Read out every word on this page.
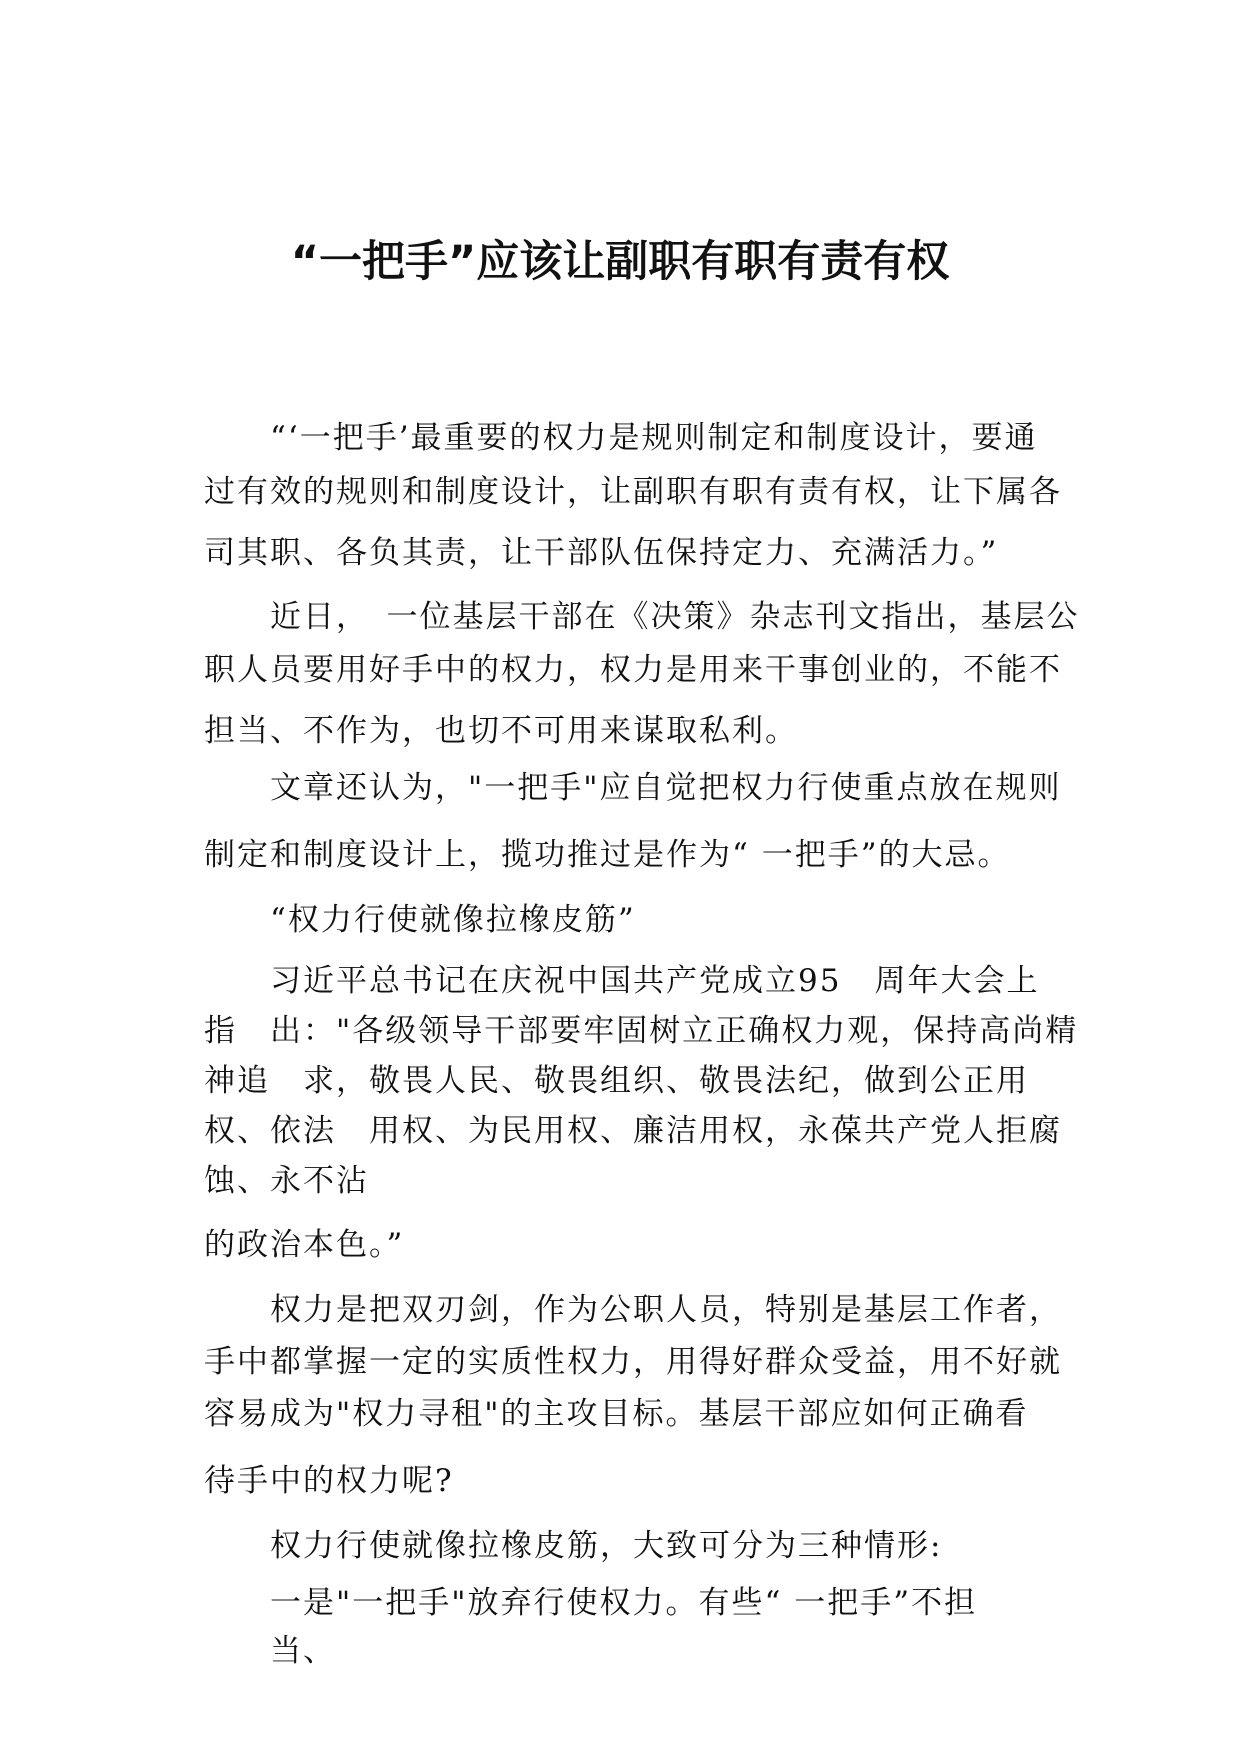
“一把手”应该让副职有职有责有权

“‘一把手’最重要的权力是规则制定和制度设计，要通

过有效的规则和制度设计，让副职有职有责有权，让下属各

司其职、各负其责，让干部队伍保持定力、充满活力。”

近日，　一位基层干部在《决策》杂志刊文指出，基层公

职人员要用好手中的权力，权力是用来干事创业的，不能不

担当、不作为，也切不可用来谋取私利。

文章还认为，"一把手"应自觉把权力行使重点放在规则

制定和制度设计上，揽功推过是作为“ 一把手”的大忌。

“权力行使就像拉橡皮筋”

习近平总书记在庆祝中国共产党成立95　周年大会上

指　出："各级领导干部要牢固树立正确权力观，保持高尚精

神追　求，敬畏人民、敬畏组织、敬畏法纪，做到公正用

权、依法　用权、为民用权、廉洁用权，永葆共产党人拒腐

蚀、永不沾

的政治本色。”

权力是把双刃剑，作为公职人员，特别是基层工作者，

手中都掌握一定的实质性权力，用得好群众受益，用不好就

容易成为"权力寻租"的主攻目标。基层干部应如何正确看

待手中的权力呢?

权力行使就像拉橡皮筋，大致可分为三种情形:

一是"一把手"放弃行使权力。有些“ 一把手”不担

当、
